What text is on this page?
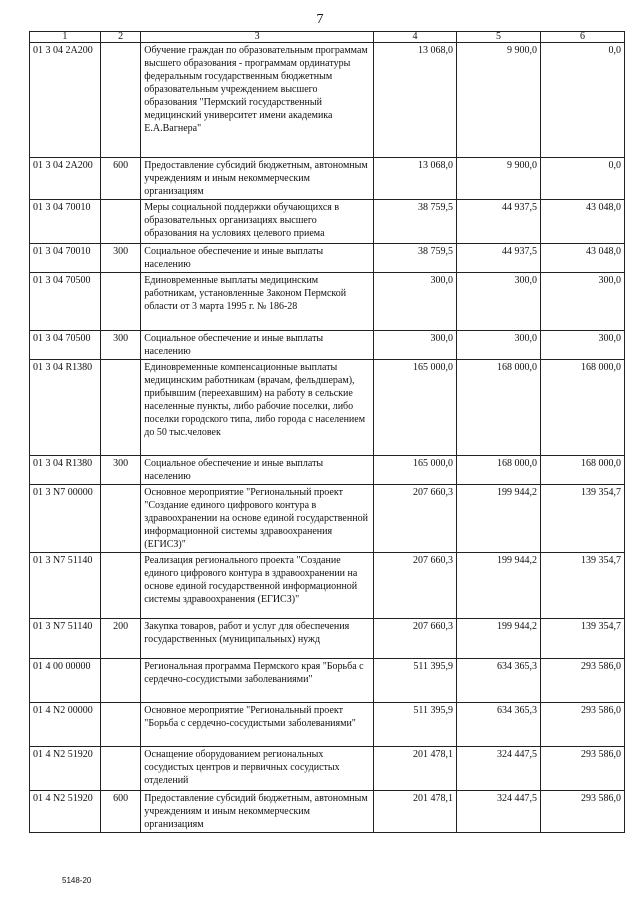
7
1	2	3	4	5	6
01 3 04 2А200		Обучение граждан по образовательным программам высшего образования - программам ординатуры федеральным государственным бюджетным образовательным учреждением высшего образования "Пермский государственный медицинский университет имени академика Е.А.Вагнера"	13 068,0	9 900,0	0,0
01 3 04 2А200	600	Предоставление субсидий бюджетным, автономным учреждениям и иным некоммерческим организациям	13 068,0	9 900,0	0,0
01 3 04 70010		Меры социальной поддержки обучающихся в образовательных организациях высшего образования на условиях целевого приема	38 759,5	44 937,5	43 048,0
01 3 04 70010	300	Социальное обеспечение и иные выплаты населению	38 759,5	44 937,5	43 048,0
01 3 04 70500		Единовременные выплаты медицинским работникам, установленные Законом Пермской области от 3 марта 1995 г. № 186-28	300,0	300,0	300,0
01 3 04 70500	300	Социальное обеспечение и иные выплаты населению	300,0	300,0	300,0
01 3 04 R1380		Единовременные компенсационные выплаты медицинским работникам (врачам, фельдшерам), прибывшим (переехавшим) на работу в сельские населенные пункты, либо рабочие поселки, либо поселки городского типа, либо города с населением до 50 тыс.человек	165 000,0	168 000,0	168 000,0
01 3 04 R1380	300	Социальное обеспечение и иные выплаты населению	165 000,0	168 000,0	168 000,0
01 3 N7 00000		Основное мероприятие "Региональный проект "Создание единого цифрового контура в здравоохранении на основе единой государственной информационной системы здравоохранения (ЕГИСЗ)"	207 660,3	199 944,2	139 354,7
01 3 N7 51140		Реализация регионального проекта "Создание единого цифрового контура в здравоохранении на основе единой государственной информационной системы здравоохранения (ЕГИСЗ)"	207 660,3	199 944,2	139 354,7
01 3 N7 51140	200	Закупка товаров, работ и услуг для обеспечения государственных (муниципальных) нужд	207 660,3	199 944,2	139 354,7
01 4 00 00000		Региональная программа Пермского края "Борьба с сердечно-сосудистыми заболеваниями"	511 395,9	634 365,3	293 586,0
01 4 N2 00000		Основное мероприятие "Региональный проект "Борьба с сердечно-сосудистыми заболеваниями"	511 395,9	634 365,3	293 586,0
01 4 N2 51920		Оснащение оборудованием региональных сосудистых центров и первичных сосудистых отделений	201 478,1	324 447,5	293 586,0
01 4 N2 51920	600	Предоставление субсидий бюджетным, автономным учреждениям и иным некоммерческим организациям	201 478,1	324 447,5	293 586,0
5148-20
